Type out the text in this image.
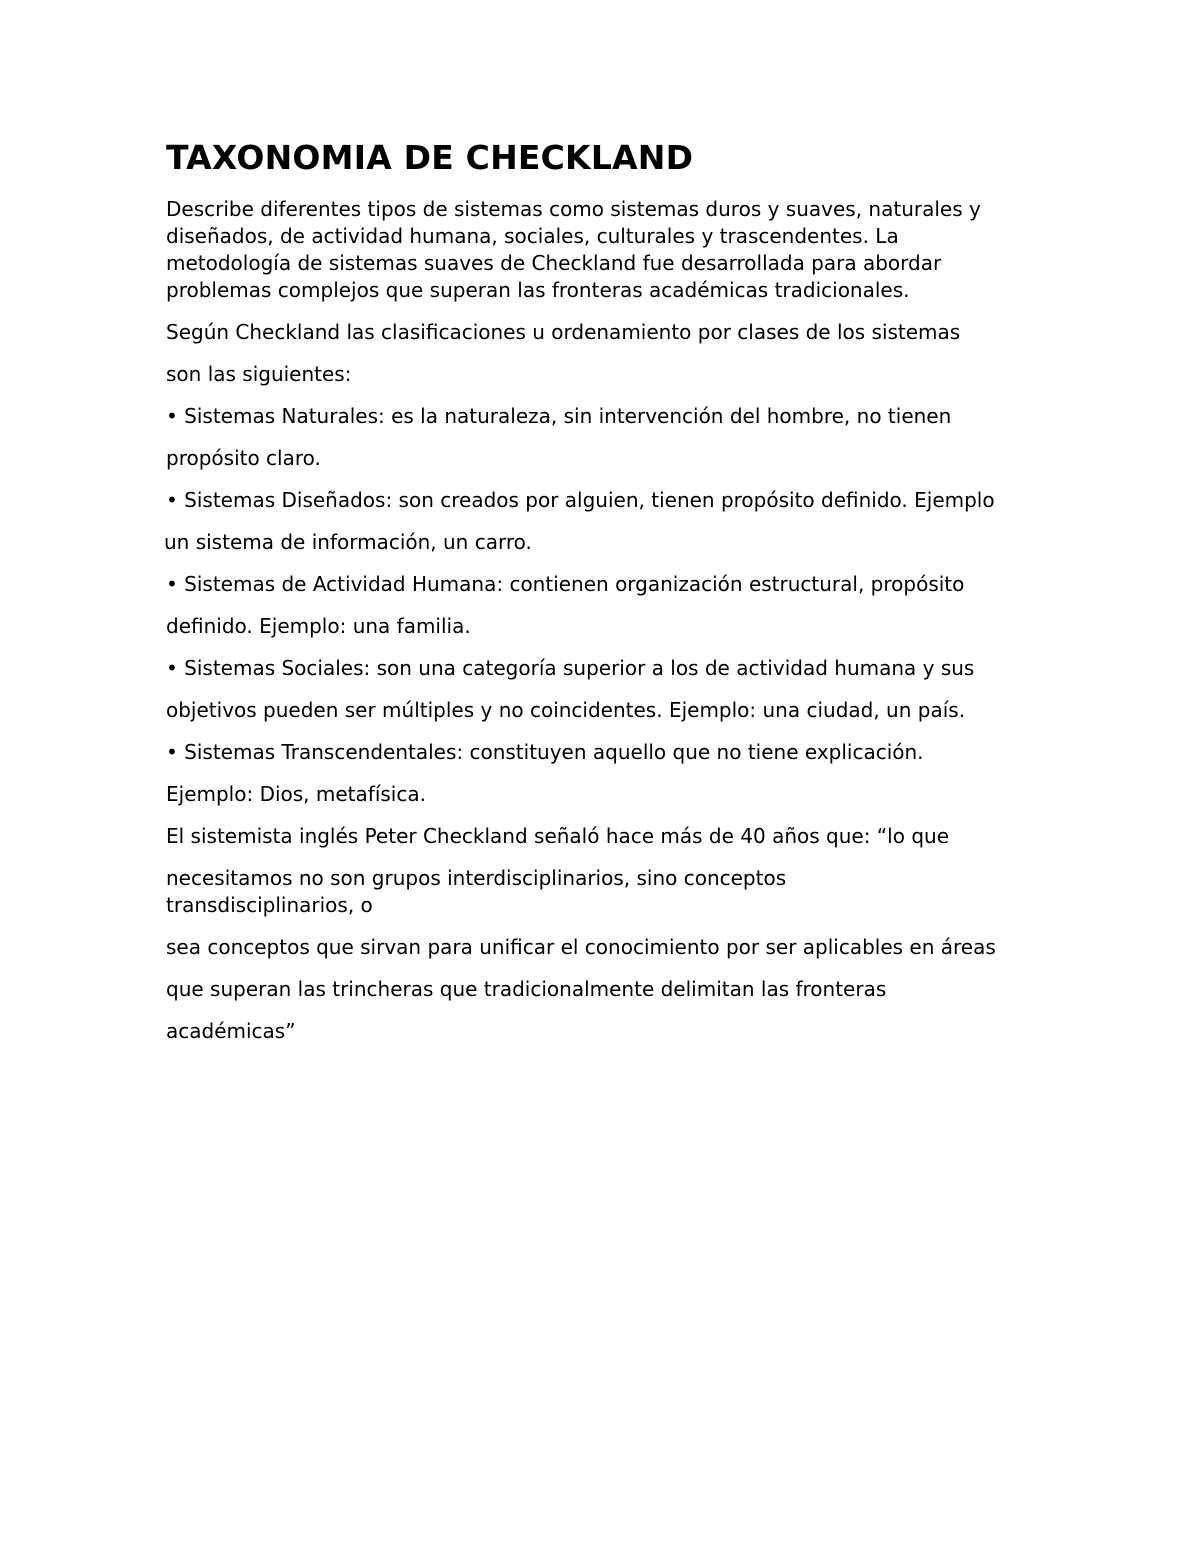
TAXONOMIA DE CHECKLAND

Describe diferentes tipos de sistemas como sistemas duros y suaves, naturales y diseñados, de actividad humana, sociales, culturales y trascendentes. La metodología de sistemas suaves de Checkland fue desarrollada para abordar problemas complejos que superan las fronteras académicas tradicionales.

Según Checkland las clasificaciones u ordenamiento por clases de los sistemas

son las siguientes:

• Sistemas Naturales: es la naturaleza, sin intervención del hombre, no tienen

propósito claro.

• Sistemas Diseñados: son creados por alguien, tienen propósito definido. Ejemplo

un sistema de información, un carro.

• Sistemas de Actividad Humana: contienen organización estructural, propósito

definido. Ejemplo: una familia.

• Sistemas Sociales: son una categoría superior a los de actividad humana y sus

objetivos pueden ser múltiples y no coincidentes. Ejemplo: una ciudad, un país.

• Sistemas Transcendentales: constituyen aquello que no tiene explicación.

Ejemplo: Dios, metafísica.

El sistemista inglés Peter Checkland señaló hace más de 40 años que: “lo que

necesitamos no son grupos interdisciplinarios, sino conceptos transdisciplinarios, o

sea conceptos que sirvan para unificar el conocimiento por ser aplicables en áreas

que superan las trincheras que tradicionalmente delimitan las fronteras

académicas”
